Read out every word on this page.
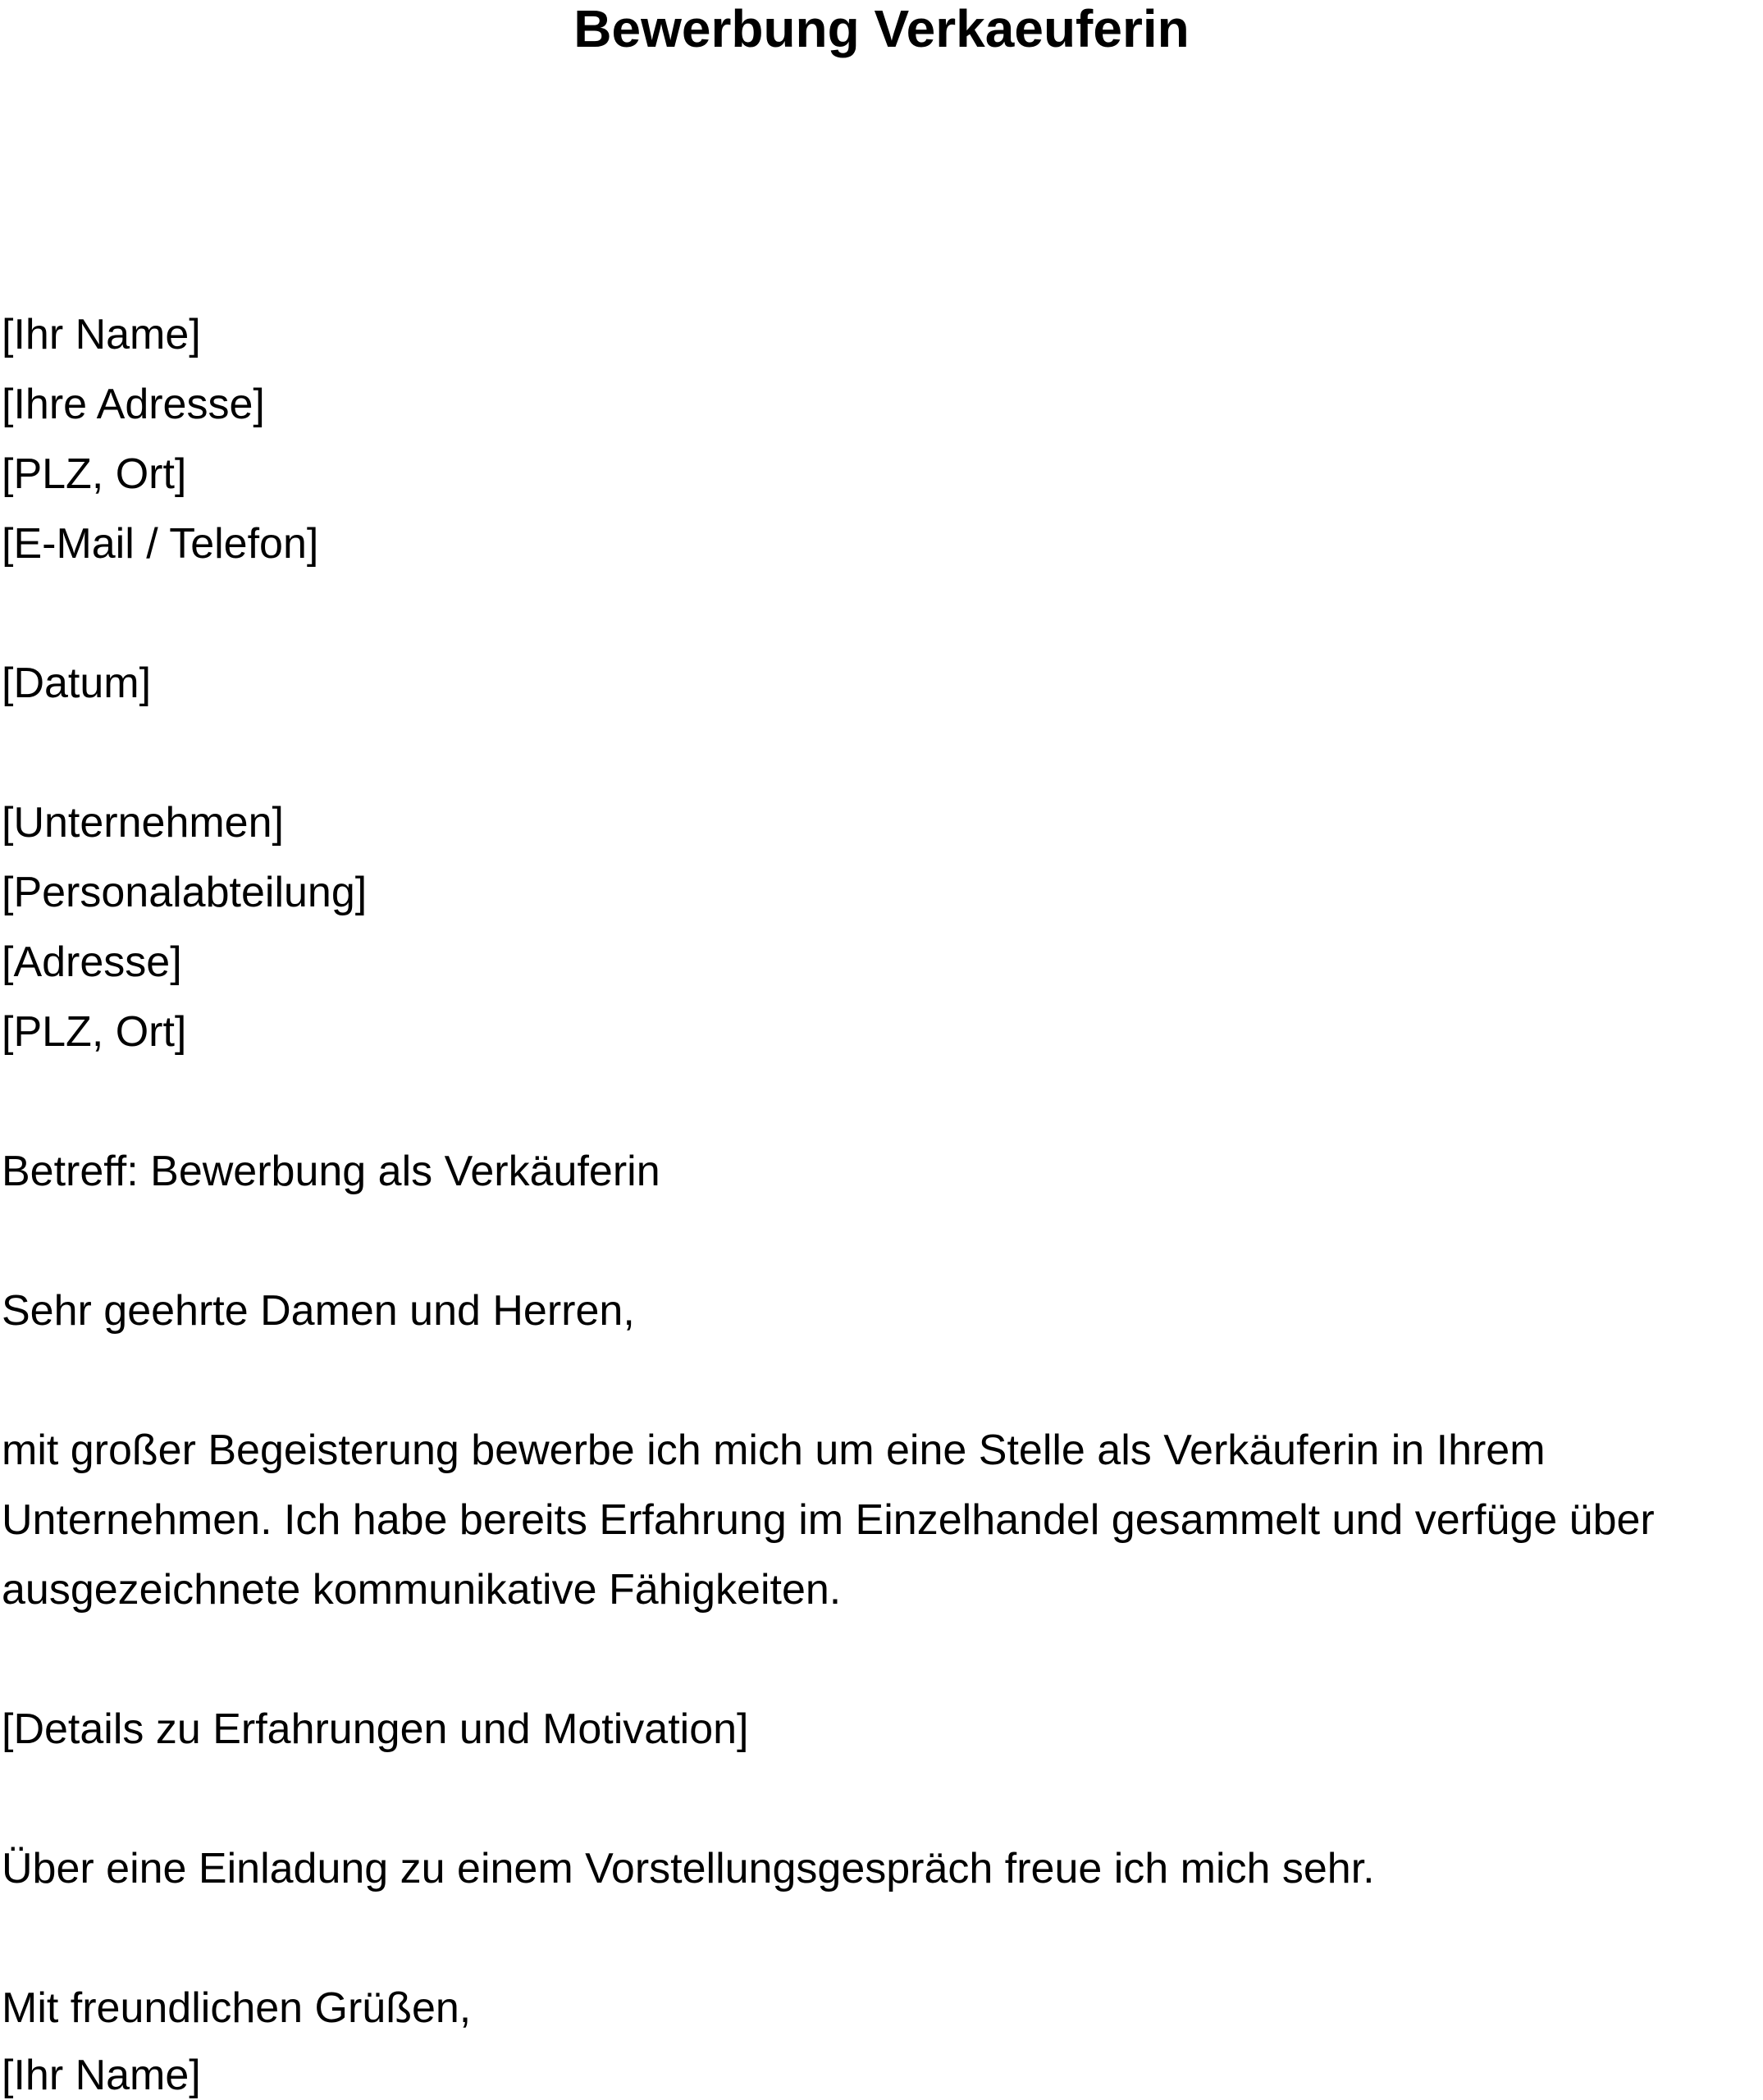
Bewerbung Verkaeuferin

[Ihr Name]

[Ihre Adresse]

[PLZ, Ort]

[E-Mail / Telefon]

[Datum]

[Unternehmen]

[Personalabteilung]

[Adresse]

[PLZ, Ort]

Betreff: Bewerbung als Verkäuferin

Sehr geehrte Damen und Herren,

mit großer Begeisterung bewerbe ich mich um eine Stelle als Verkäuferin in Ihrem

Unternehmen. Ich habe bereits Erfahrung im Einzelhandel gesammelt und verfüge über

ausgezeichnete kommunikative Fähigkeiten.

[Details zu Erfahrungen und Motivation]

Über eine Einladung zu einem Vorstellungsgespräch freue ich mich sehr.

Mit freundlichen Grüßen,

[Ihr Name]
